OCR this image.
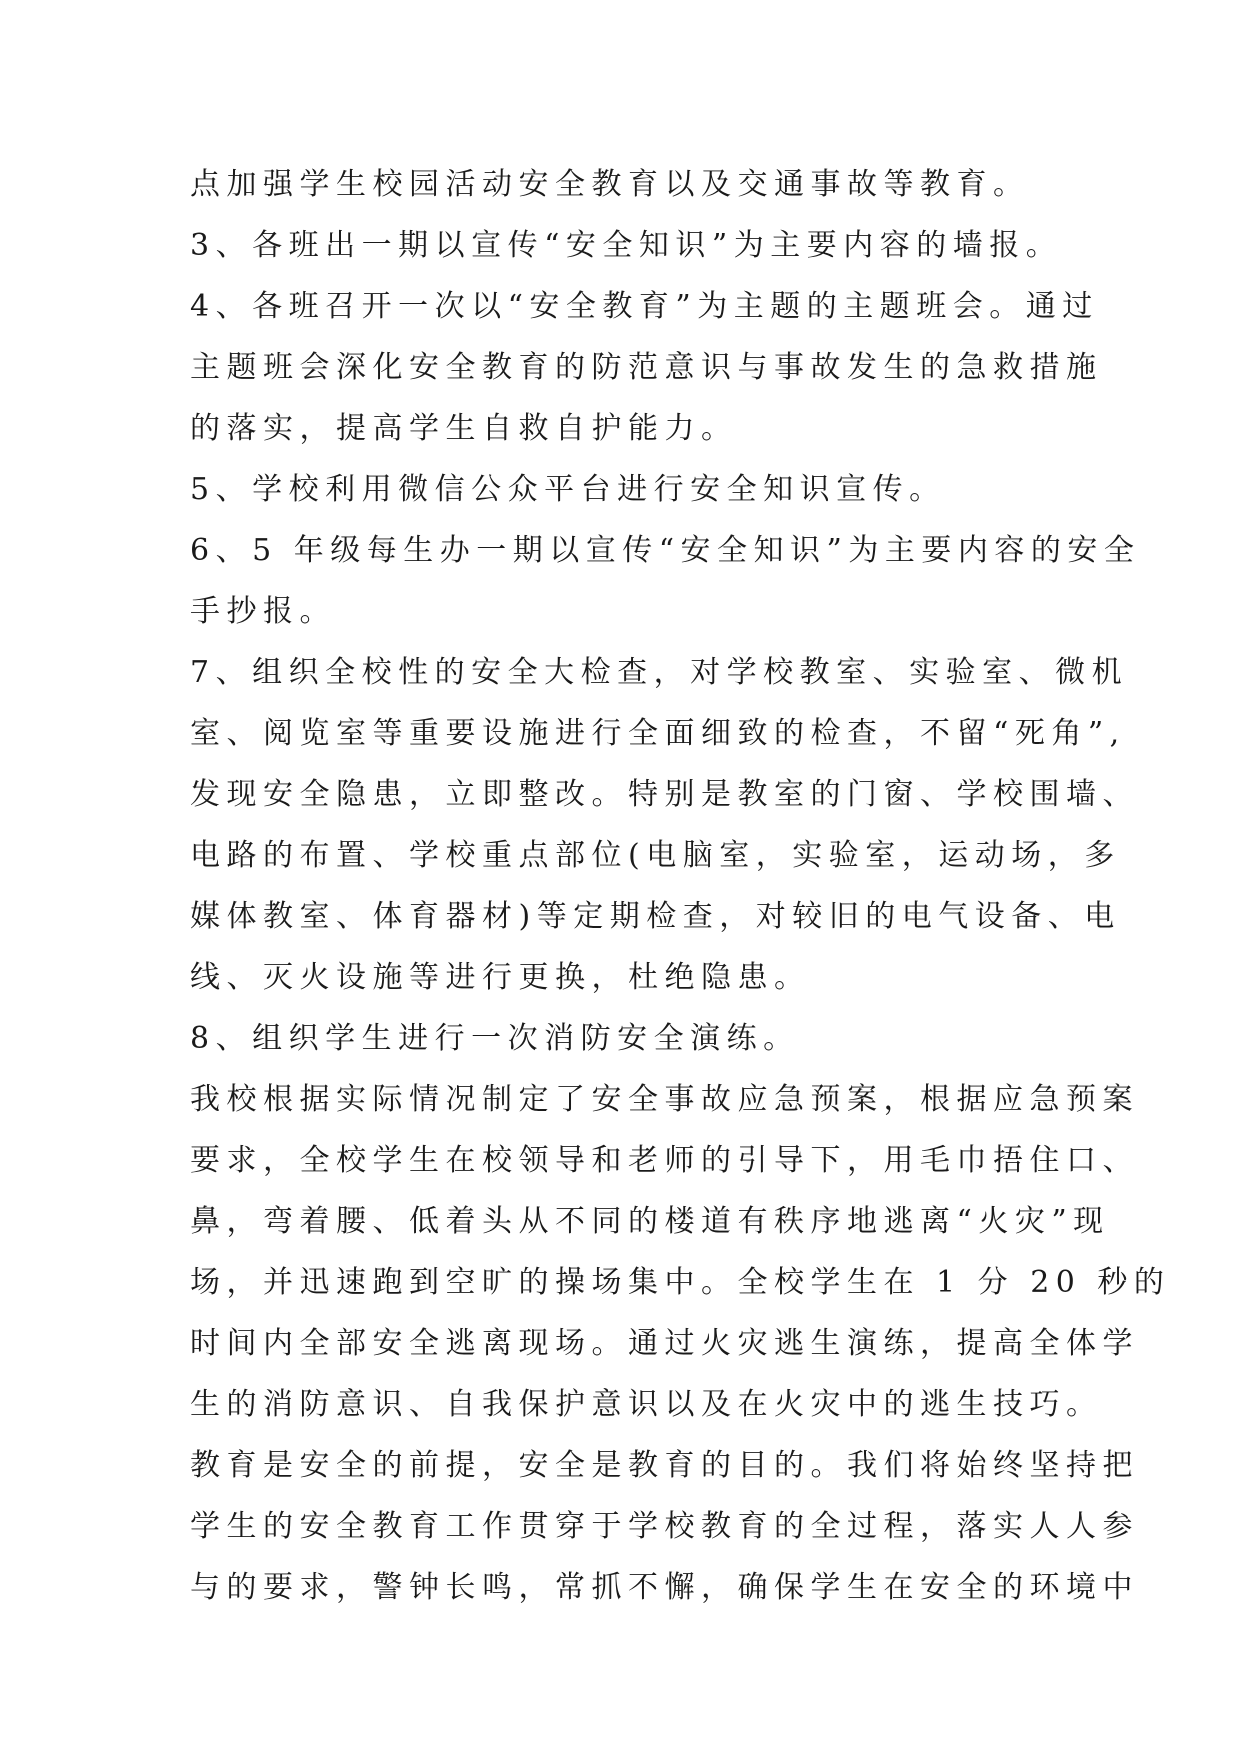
点加强学生校园活动安全教育以及交通事故等教育。
3、各班出一期以宣传“安全知识”为主要内容的墙报。
4、各班召开一次以“安全教育”为主题的主题班会。通过
主题班会深化安全教育的防范意识与事故发生的急救措施
的落实，提高学生自救自护能力。
5、学校利用微信公众平台进行安全知识宣传。
6、5 年级每生办一期以宣传“安全知识”为主要内容的安全
手抄报。
7、组织全校性的安全大检查，对学校教室、实验室、微机
室、阅览室等重要设施进行全面细致的检查，不留“死角”,
发现安全隐患，立即整改。特别是教室的门窗、学校围墙、
电路的布置、学校重点部位(电脑室，实验室，运动场，多
媒体教室、体育器材)等定期检查，对较旧的电气设备、电
线、灭火设施等进行更换，杜绝隐患。
8、组织学生进行一次消防安全演练。
我校根据实际情况制定了安全事故应急预案，根据应急预案
要求，全校学生在校领导和老师的引导下，用毛巾捂住口、
鼻，弯着腰、低着头从不同的楼道有秩序地逃离“火灾”现
场，并迅速跑到空旷的操场集中。全校学生在 1 分 20 秒的
时间内全部安全逃离现场。通过火灾逃生演练，提高全体学
生的消防意识、自我保护意识以及在火灾中的逃生技巧。
教育是安全的前提，安全是教育的目的。我们将始终坚持把
学生的安全教育工作贯穿于学校教育的全过程，落实人人参
与的要求，警钟长鸣，常抓不懈，确保学生在安全的环境中
